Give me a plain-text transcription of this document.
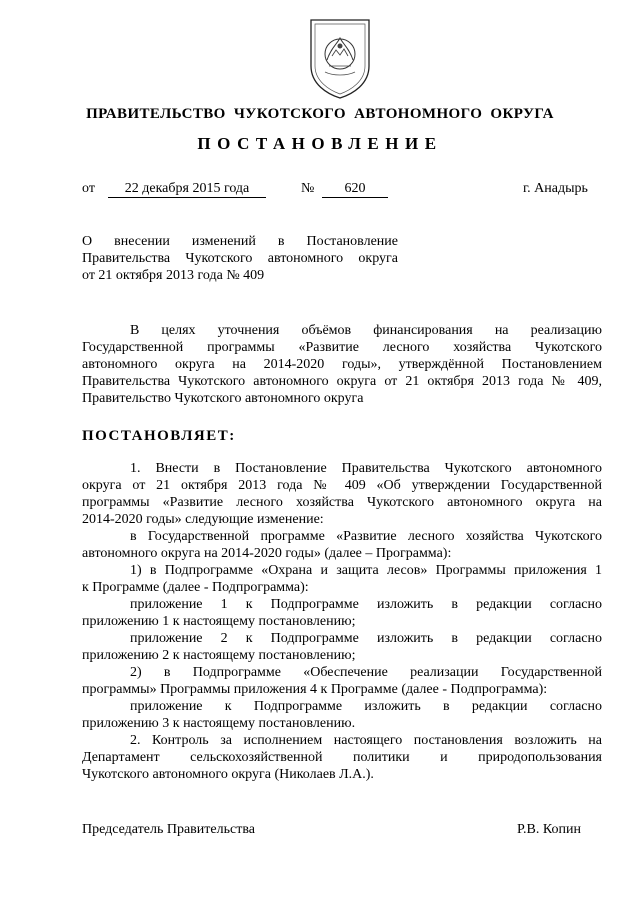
ПРАВИТЕЛЬСТВО ЧУКОТСКОГО АВТОНОМНОГО ОКРУГА
ПОСТАНОВЛЕНИЕ
от	22 декабря 2015 года	№	620	г. Анадырь
О внесении изменений в Постановление
Правительства Чукотского автономного округа
от 21 октября 2013 года № 409
В целях уточнения объёмов финансирования на реализацию
Государственной программы «Развитие лесного хозяйства Чукотского
автономного округа на 2014-2020 годы», утверждённой Постановлением
Правительства Чукотского автономного округа от 21 октября 2013 года № 409,
Правительство Чукотского автономного округа
ПОСТАНОВЛЯЕТ:
1. Внести в Постановление Правительства Чукотского автономного
округа от 21 октября 2013 года № 409 «Об утверждении Государственной
программы «Развитие лесного хозяйства Чукотского автономного округа на
2014-2020 годы» следующие изменение:
в Государственной программе «Развитие лесного хозяйства Чукотского
автономного округа на 2014-2020 годы» (далее – Программа):
1) в Подпрограмме «Охрана и защита лесов» Программы приложения 1
к Программе (далее - Подпрограмма):
приложение 1 к Подпрограмме изложить в редакции согласно
приложению 1 к настоящему постановлению;
приложение 2 к Подпрограмме изложить в редакции согласно
приложению 2 к настоящему постановлению;
2) в Подпрограмме «Обеспечение реализации Государственной
программы» Программы приложения 4 к Программе (далее - Подпрограмма):
приложение к Подпрограмме изложить в редакции согласно
приложению 3 к настоящему постановлению.
2. Контроль за исполнением настоящего постановления возложить на
Департамент сельскохозяйственной политики и природопользования
Чукотского автономного округа (Николаев Л.А.).
Председатель Правительства	Р.В. Копин
